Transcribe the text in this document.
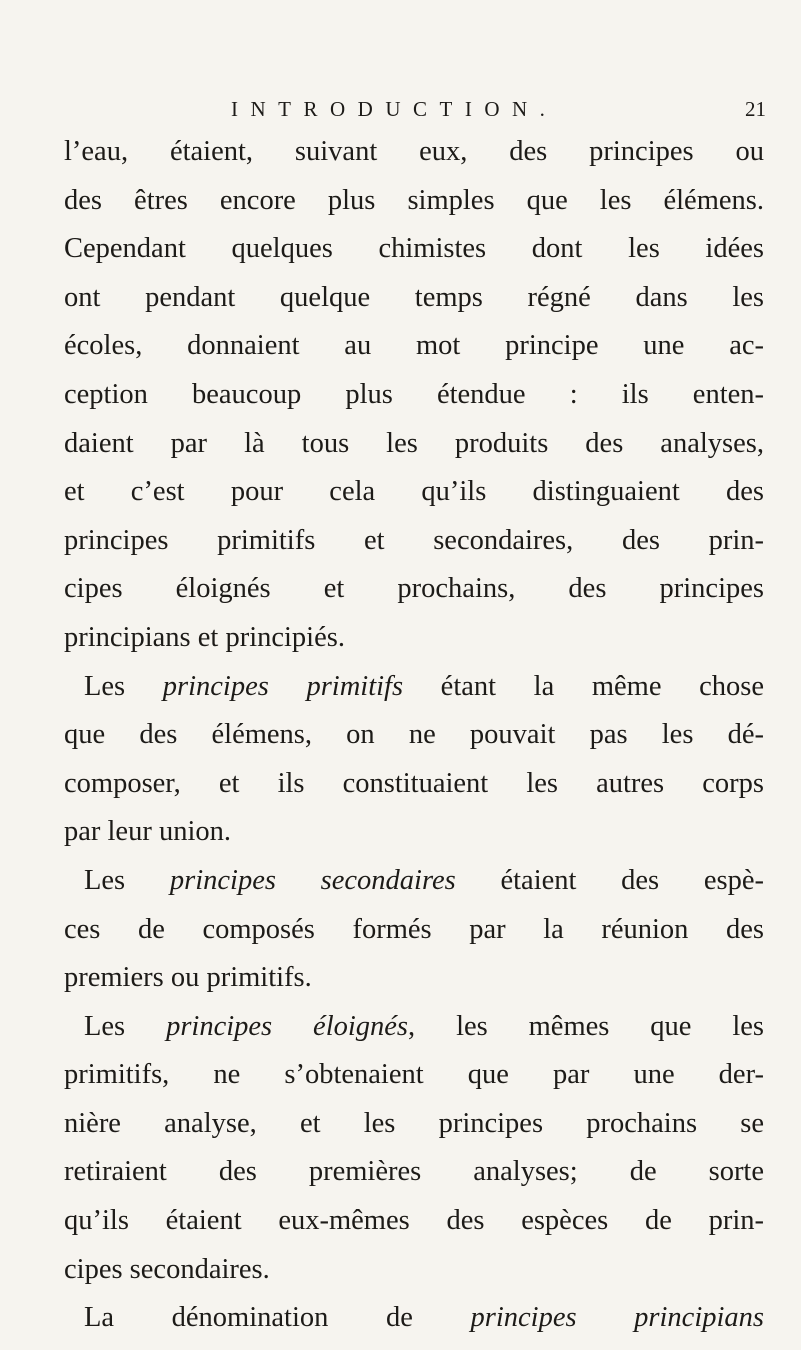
INTRODUCTION.	21
l’eau, étaient, suivant eux, des principes ou
des êtres encore plus simples que les élémens.
Cependant quelques chimistes dont les idées
ont pendant quelque temps régné dans les
écoles, donnaient au mot principe une ac-
ception beaucoup plus étendue : ils enten-
daient par là tous les produits des analyses,
et c’est pour cela qu’ils distinguaient des
principes primitifs et secondaires, des prin-
cipes éloignés et prochains, des principes
principians et principiés.
Les principes primitifs étant la même chose
que des élémens, on ne pouvait pas les dé-
composer, et ils constituaient les autres corps
par leur union.
Les principes secondaires étaient des espè-
ces de composés formés par la réunion des
premiers ou primitifs.
Les principes éloignés, les mêmes que les
primitifs, ne s’obtenaient que par une der-
nière analyse, et les principes prochains se
retiraient des premières analyses; de sorte
qu’ils étaient eux-mêmes des espèces de prin-
cipes secondaires.
La dénomination de principes principians
